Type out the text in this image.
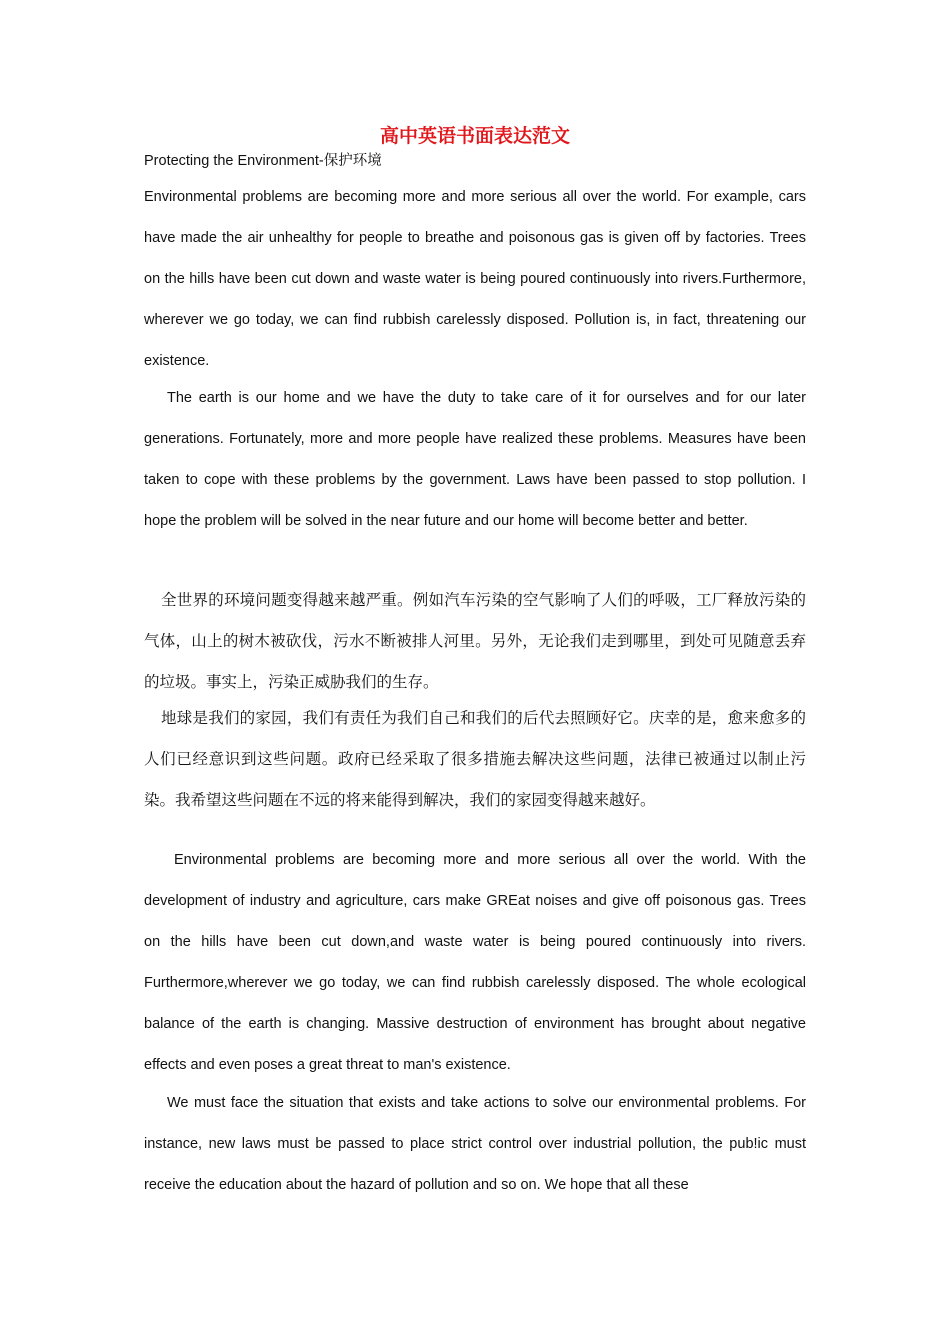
高中英语书面表达范文
Protecting the Environment-保护环境

Environmental problems are becoming more and more serious all over the world. For example, cars have made the air unhealthy for people to breathe and poisonous gas is given off by factories. Trees on the hills have been cut down and waste water is being poured continuously into rivers.Furthermore, wherever we go today, we can find rubbish carelessly disposed. Pollution is, in fact, threatening our existence.

The earth is our home and we have the duty to take care of it for ourselves and for our later generations. Fortunately, more and more people have realized these problems. Measures have been taken to cope with these problems by the government. Laws have been passed to stop pollution. I hope the problem will be solved in the near future and our home will become better and better.

全世界的环境问题变得越来越严重。例如汽车污染的空气影响了人们的呼吸，工厂释放污染的气体，山上的树木被砍伐，污水不断被排人河里。另外，无论我们走到哪里，到处可见随意丢弃的垃圾。事实上，污染正威胁我们的生存。

地球是我们的家园，我们有责任为我们自己和我们的后代去照顾好它。庆幸的是，愈来愈多的人们已经意识到这些问题。政府已经采取了很多措施去解决这些问题，法律已被通过以制止污染。我希望这些问题在不远的将来能得到解决，我们的家园变得越来越好。

Environmental problems are becoming more and more serious all over the world. With the development of industry and agriculture, cars make GREat noises and give off poisonous gas. Trees on the hills have been cut down,and waste water is being poured continuously into rivers. Furthermore,wherever we go today, we can find rubbish carelessly disposed. The whole ecological balance of the earth is changing. Massive destruction of environment has brought about negative effects and even poses a great threat to man's existence.

We must face the situation that exists and take actions to solve our environmental problems. For instance, new laws must be passed to place strict control over industrial pollution, the pub!ic must receive the education about the hazard of pollution and so on. We hope that all these
